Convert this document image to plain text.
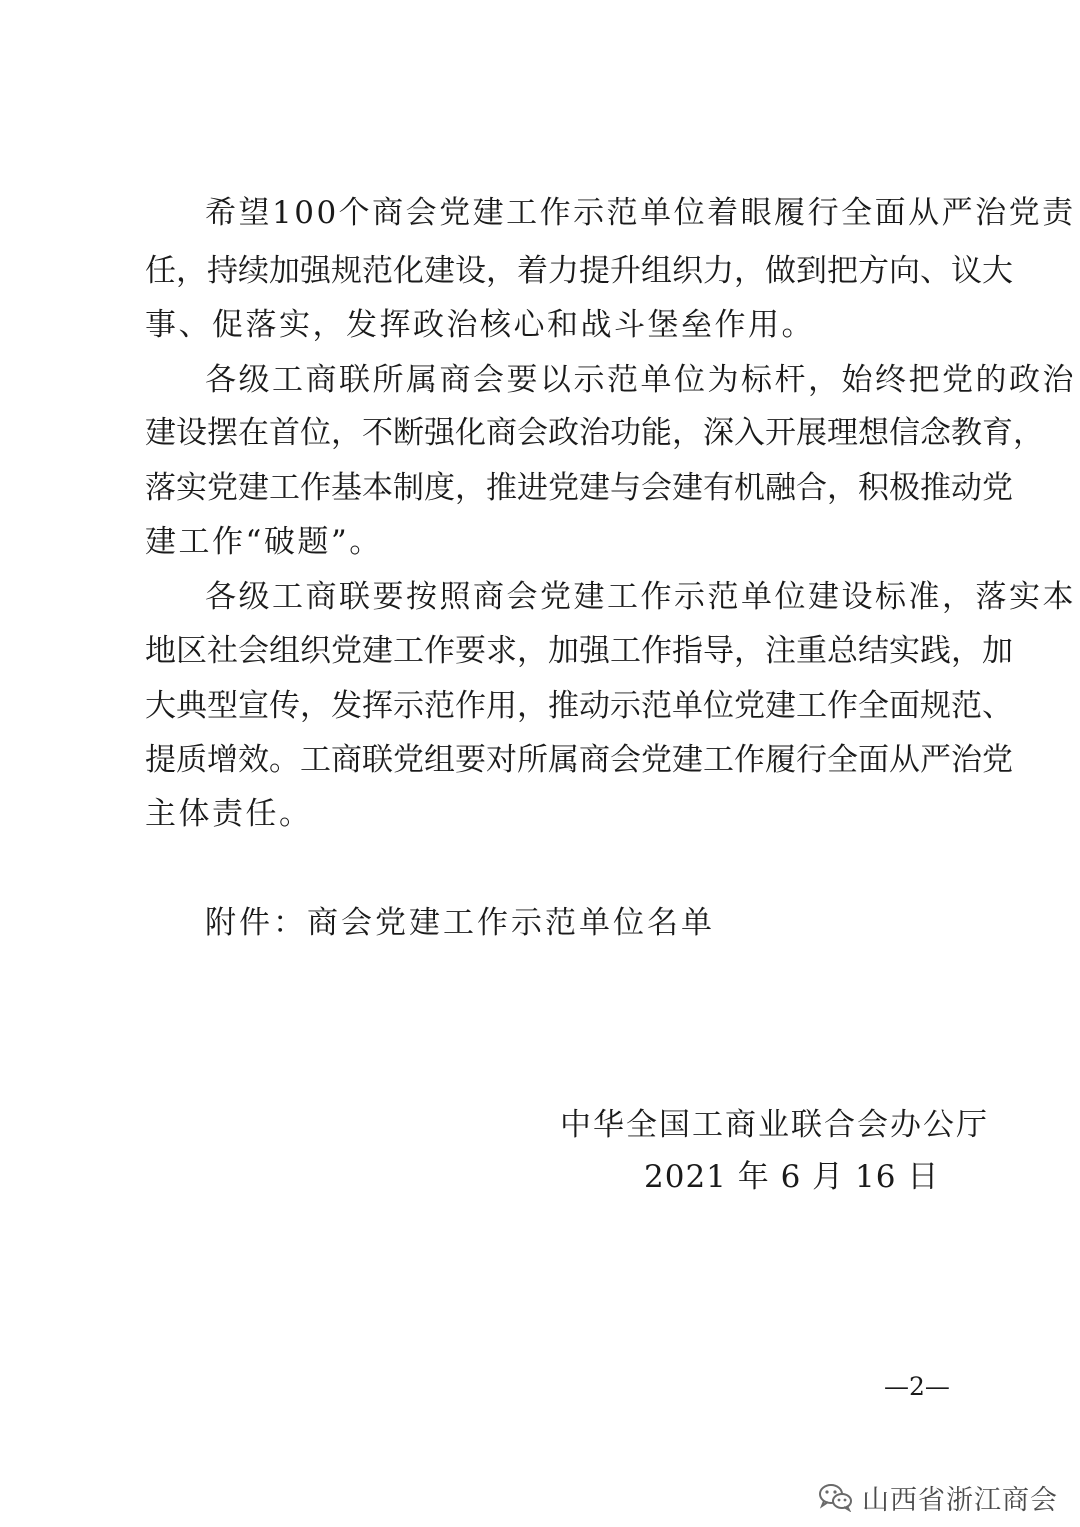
希望100个商会党建工作示范单位着眼履行全面从严治党责
任，持续加强规范化建设，着力提升组织力，做到把方向、议大
事、促落实，发挥政治核心和战斗堡垒作用。
各级工商联所属商会要以示范单位为标杆，始终把党的政治
建设摆在首位，不断强化商会政治功能，深入开展理想信念教育，
落实党建工作基本制度，推进党建与会建有机融合，积极推动党
建工作“破题”。
各级工商联要按照商会党建工作示范单位建设标准，落实本
地区社会组织党建工作要求，加强工作指导，注重总结实践，加
大典型宣传，发挥示范作用，推动示范单位党建工作全面规范、
提质增效。工商联党组要对所属商会党建工作履行全面从严治党
主体责任。
附件：商会党建工作示范单位名单
中华全国工商业联合会办公厅
2021 年 6 月 16 日
—2—
山西省浙江商会
